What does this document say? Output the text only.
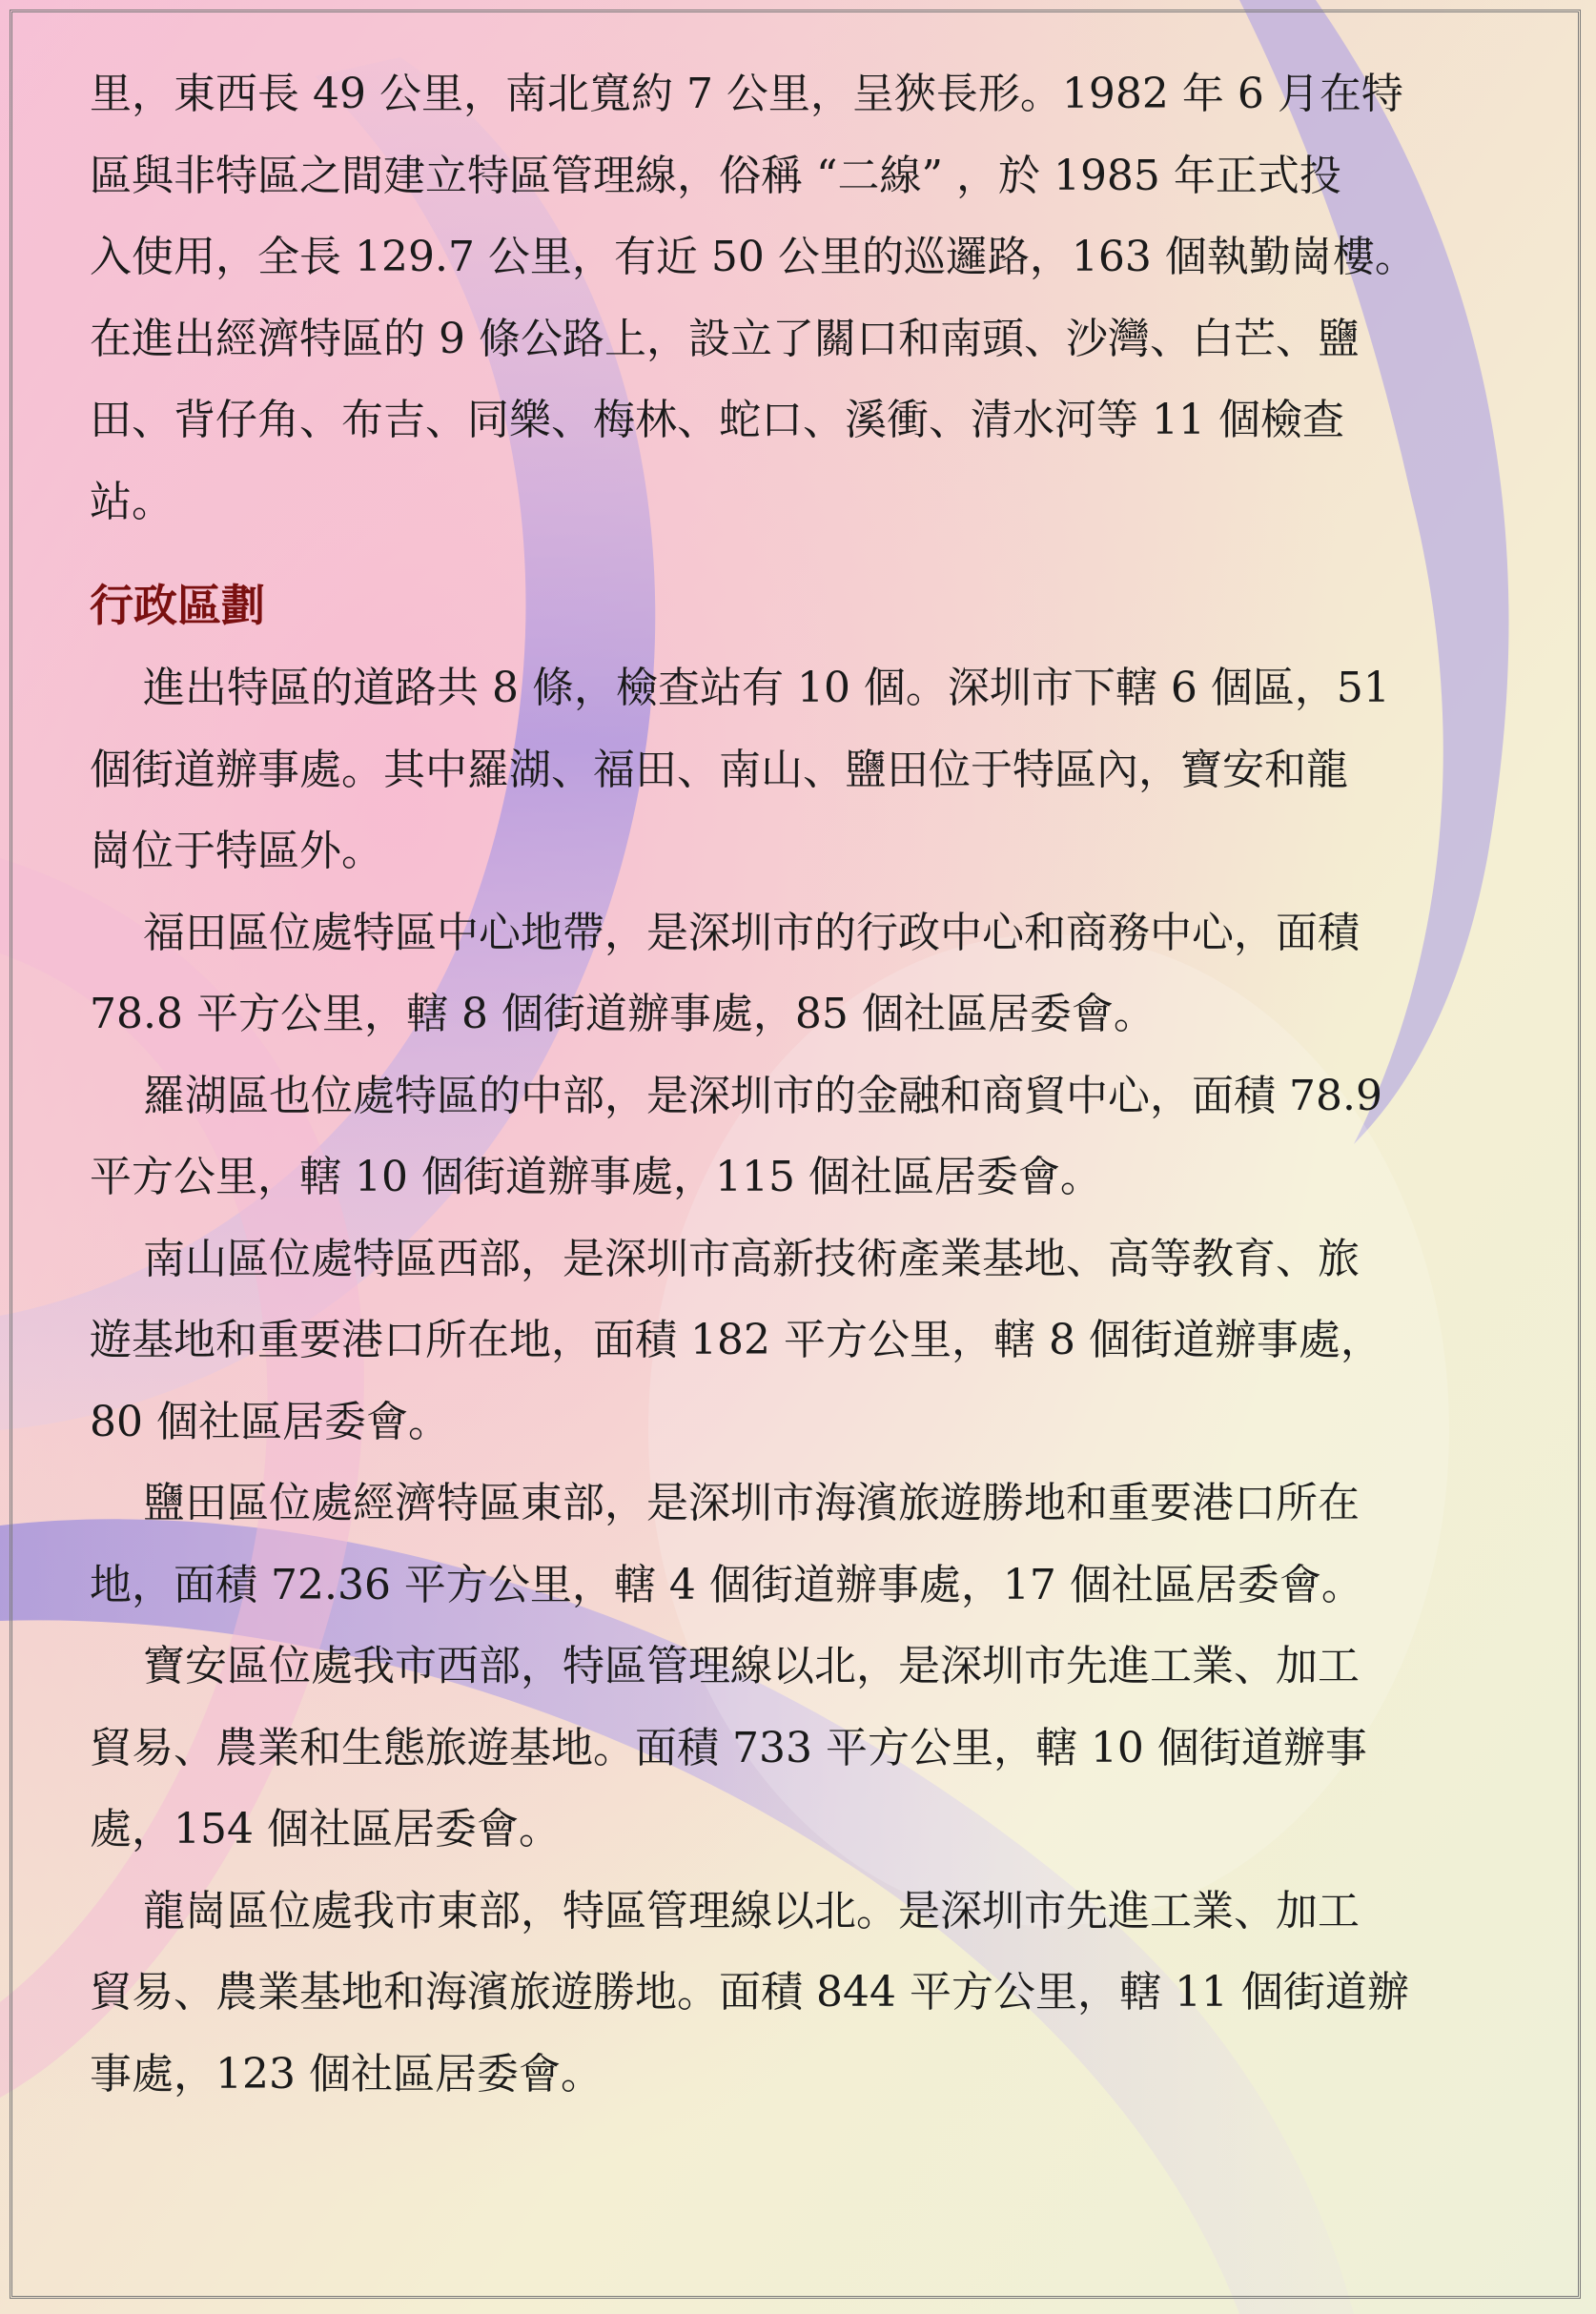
里，東西長 49 公里，南北寬約 7 公里，呈狹長形。1982 年 6 月在特

區與非特區之間建立特區管理線，俗稱 “二線” ，於 1985 年正式投

入使用，全長 129.7 公里，有近 50 公里的巡邏路，163 個執勤崗樓。

在進出經濟特區的 9 條公路上，設立了關口和南頭、沙灣、白芒、鹽

田、背仔角、布吉、同樂、梅林、蛇口、溪衝、清水河等 11 個檢查

站。

行政區劃

進出特區的道路共 8 條，檢查站有 10 個。深圳市下轄 6 個區，51

個街道辦事處。其中羅湖、福田、南山、鹽田位于特區內，寶安和龍

崗位于特區外。

福田區位處特區中心地帶，是深圳市的行政中心和商務中心，面積

78.8 平方公里，轄 8 個街道辦事處，85 個社區居委會。

羅湖區也位處特區的中部，是深圳市的金融和商貿中心，面積 78.9

平方公里，轄 10 個街道辦事處，115 個社區居委會。

南山區位處特區西部，是深圳市高新技術產業基地、高等教育、旅

遊基地和重要港口所在地，面積 182 平方公里，轄 8 個街道辦事處，

80 個社區居委會。

鹽田區位處經濟特區東部，是深圳市海濱旅遊勝地和重要港口所在

地，面積 72.36 平方公里，轄 4 個街道辦事處，17 個社區居委會。

寶安區位處我市西部，特區管理線以北，是深圳市先進工業、加工

貿易、農業和生態旅遊基地。面積 733 平方公里，轄 10 個街道辦事

處，154 個社區居委會。

龍崗區位處我市東部，特區管理線以北。是深圳市先進工業、加工

貿易、農業基地和海濱旅遊勝地。面積 844 平方公里，轄 11 個街道辦

事處，123 個社區居委會。
